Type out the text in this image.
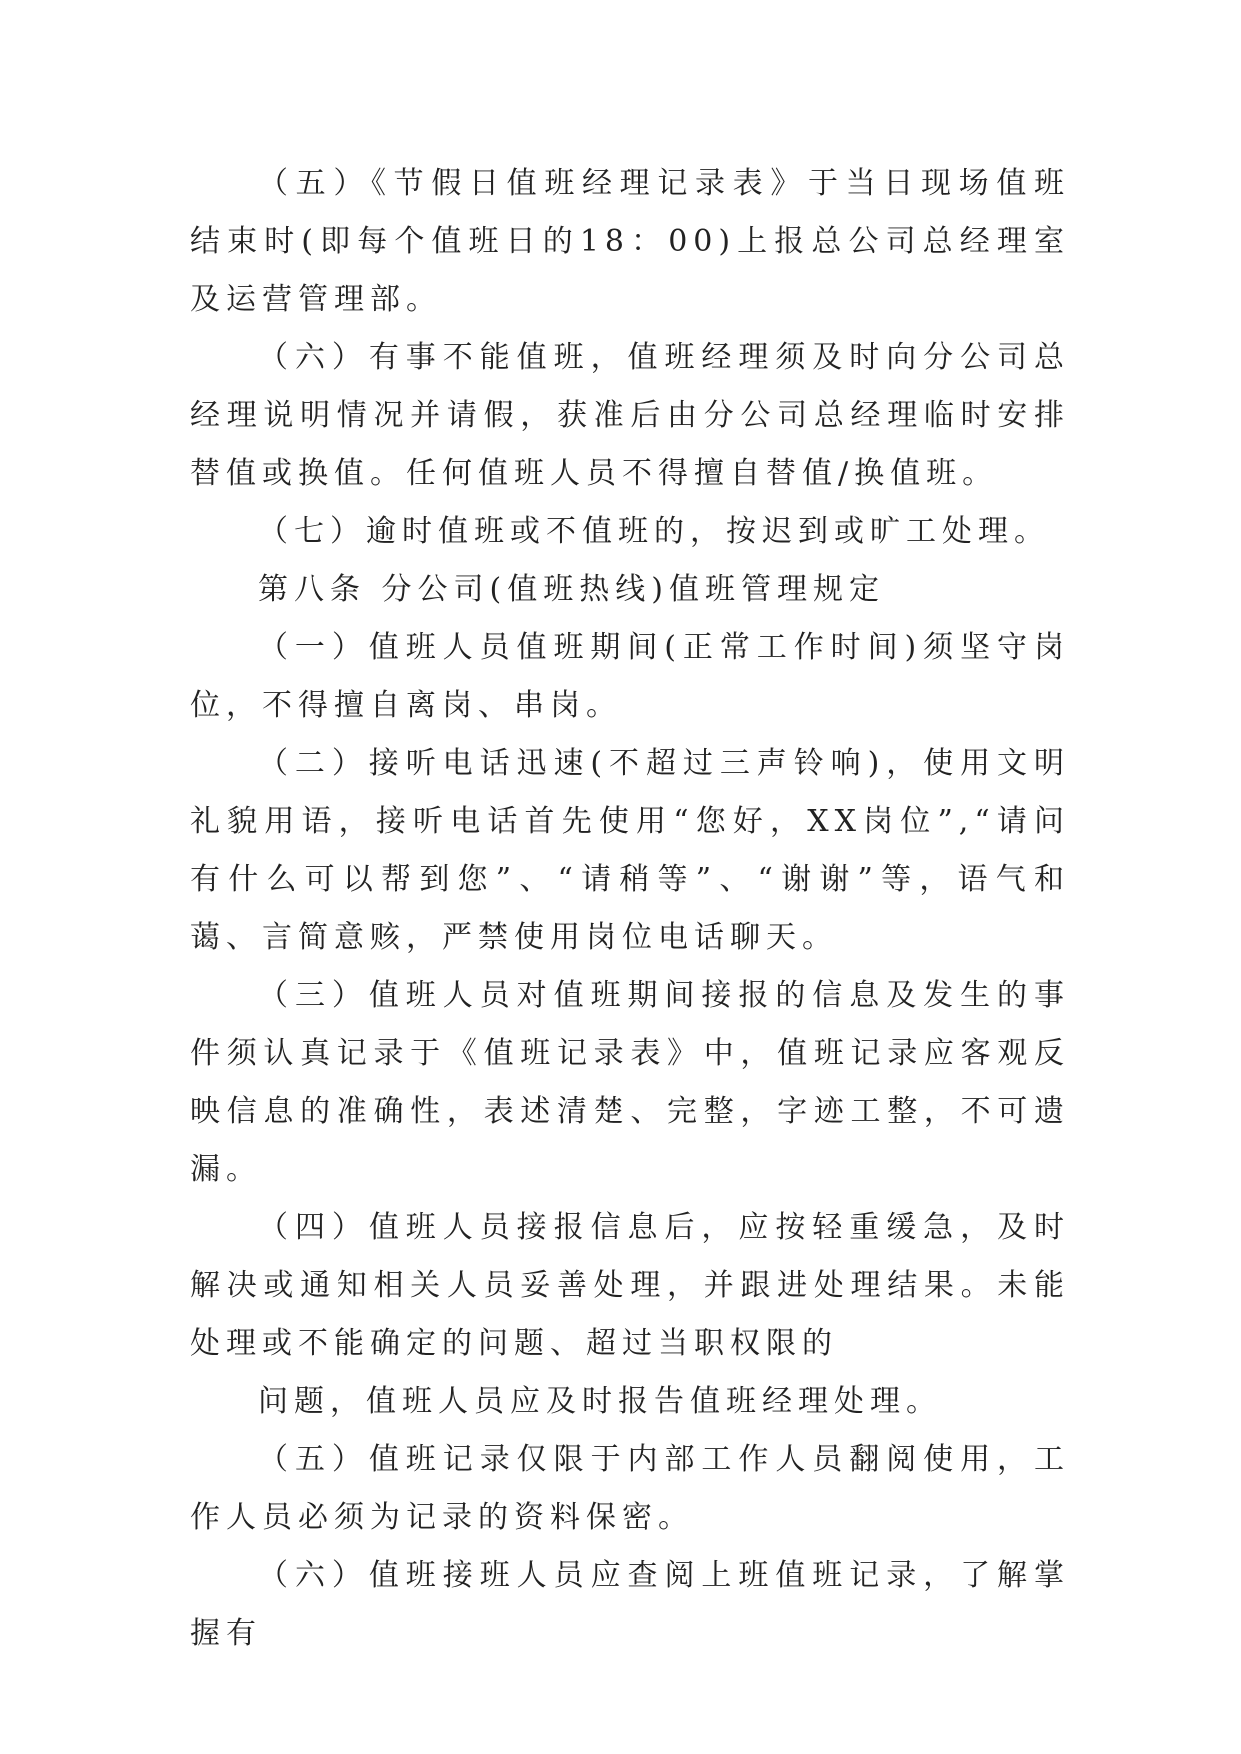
（五）《节假日值班经理记录表》于当日现场值班结束时(即每个值班日的18：00)上报总公司总经理室及运营管理部。

（六）有事不能值班，值班经理须及时向分公司总经理说明情况并请假，获准后由分公司总经理临时安排替值或换值。任何值班人员不得擅自替值/换值班。

（七）逾时值班或不值班的，按迟到或旷工处理。

第八条 分公司(值班热线)值班管理规定

（一）值班人员值班期间(正常工作时间)须坚守岗位，不得擅自离岗、串岗。

（二）接听电话迅速(不超过三声铃响)，使用文明礼貌用语，接听电话首先使用“您好，XX岗位”,“请问有什么可以帮到您”、“请稍等”、“谢谢”等，语气和蔼、言简意赅，严禁使用岗位电话聊天。

（三）值班人员对值班期间接报的信息及发生的事件须认真记录于《值班记录表》中，值班记录应客观反映信息的准确性，表述清楚、完整，字迹工整，不可遗漏。

（四）值班人员接报信息后，应按轻重缓急，及时解决或通知相关人员妥善处理，并跟进处理结果。未能处理或不能确定的问题、超过当职权限的

问题，值班人员应及时报告值班经理处理。

（五）值班记录仅限于内部工作人员翻阅使用，工作人员必须为记录的资料保密。

（六）值班接班人员应查阅上班值班记录，了解掌握有
